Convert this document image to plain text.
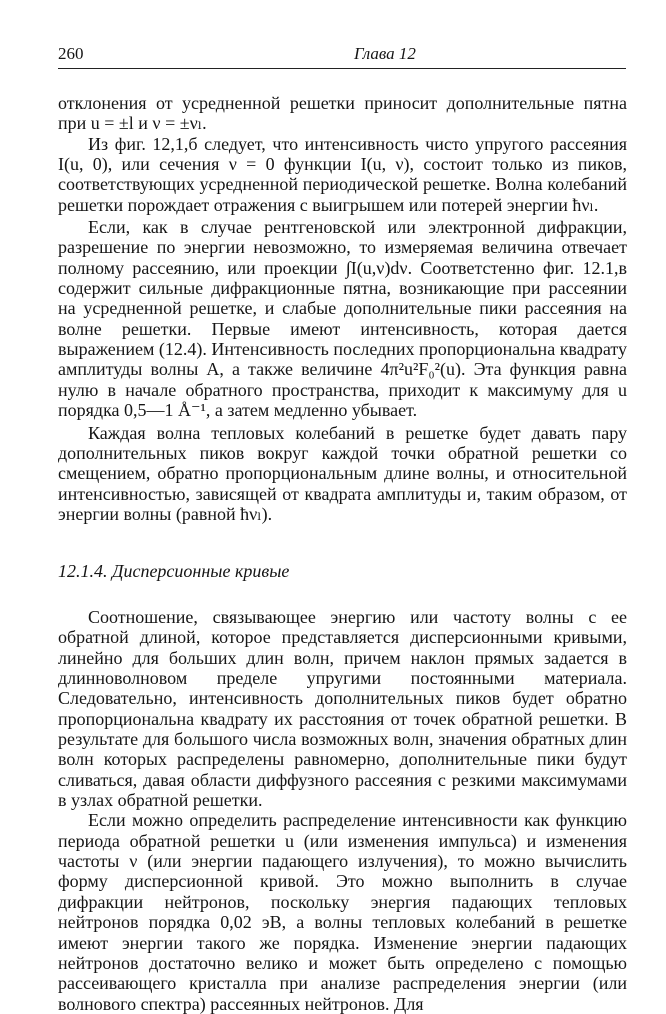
260	Глава 12

отклонения от усредненной решетки приносит дополнительные пятна при u = ±l и ν = ±νₗ.

Из фиг. 12,1,б следует, что интенсивность чисто упругого рассеяния I(u, 0), или сечения ν = 0 функции I(u, ν), состоит только из пиков, соответствующих усредненной периодической решетке. Волна колебаний решетки порождает отражения с выигрышем или потерей энергии ħνₗ.

Если, как в случае рентгеновской или электронной дифракции, разрешение по энергии невозможно, то измеряемая величина отвечает полному рассеянию, или проекции ∫I(u,ν)dν. Соответстенно фиг. 12.1,в содержит сильные дифракционные пятна, возникающие при рассеянии на усредненной решетке, и слабые дополнительные пики рассеяния на волне решетки. Первые имеют интенсивность, которая дается выражением (12.4). Интенсивность последних пропорциональна квадрату амплитуды волны A, а также величине 4π²u²F₀²(u). Эта функция равна нулю в начале обратного пространства, приходит к максимуму для u порядка 0,5—1 Å⁻¹, а затем медленно убывает.

Каждая волна тепловых колебаний в решетке будет давать пару дополнительных пиков вокруг каждой точки обратной решетки со смещением, обратно пропорциональным длине волны, и относительной интенсивностью, зависящей от квадрата амплитуды и, таким образом, от энергии волны (равной ħνₗ).

12.1.4. Дисперсионные кривые

Соотношение, связывающее энергию или частоту волны с ее обратной длиной, которое представляется дисперсионными кривыми, линейно для больших длин волн, причем наклон прямых задается в длинноволновом пределе упругими постоянными материала. Следовательно, интенсивность дополнительных пиков будет обратно пропорциональна квадрату их расстояния от точек обратной решетки. В результате для большого числа возможных волн, значения обратных длин волн которых распределены равномерно, дополнительные пики будут сливаться, давая области диффузного рассеяния с резкими максимумами в узлах обратной решетки.

Если можно определить распределение интенсивности как функцию периода обратной решетки u (или изменения импульса) и изменения частоты ν (или энергии падающего излучения), то можно вычислить форму дисперсионной кривой. Это можно выполнить в случае дифракции нейтронов, поскольку энергия падающих тепловых нейтронов порядка 0,02 эВ, а волны тепловых колебаний в решетке имеют энергии такого же порядка. Изменение энергии падающих нейтронов достаточно велико и может быть определено с помощью рассеивающего кристалла при анализе распределения энергии (или волнового спектра) рассеянных нейтронов. Для
